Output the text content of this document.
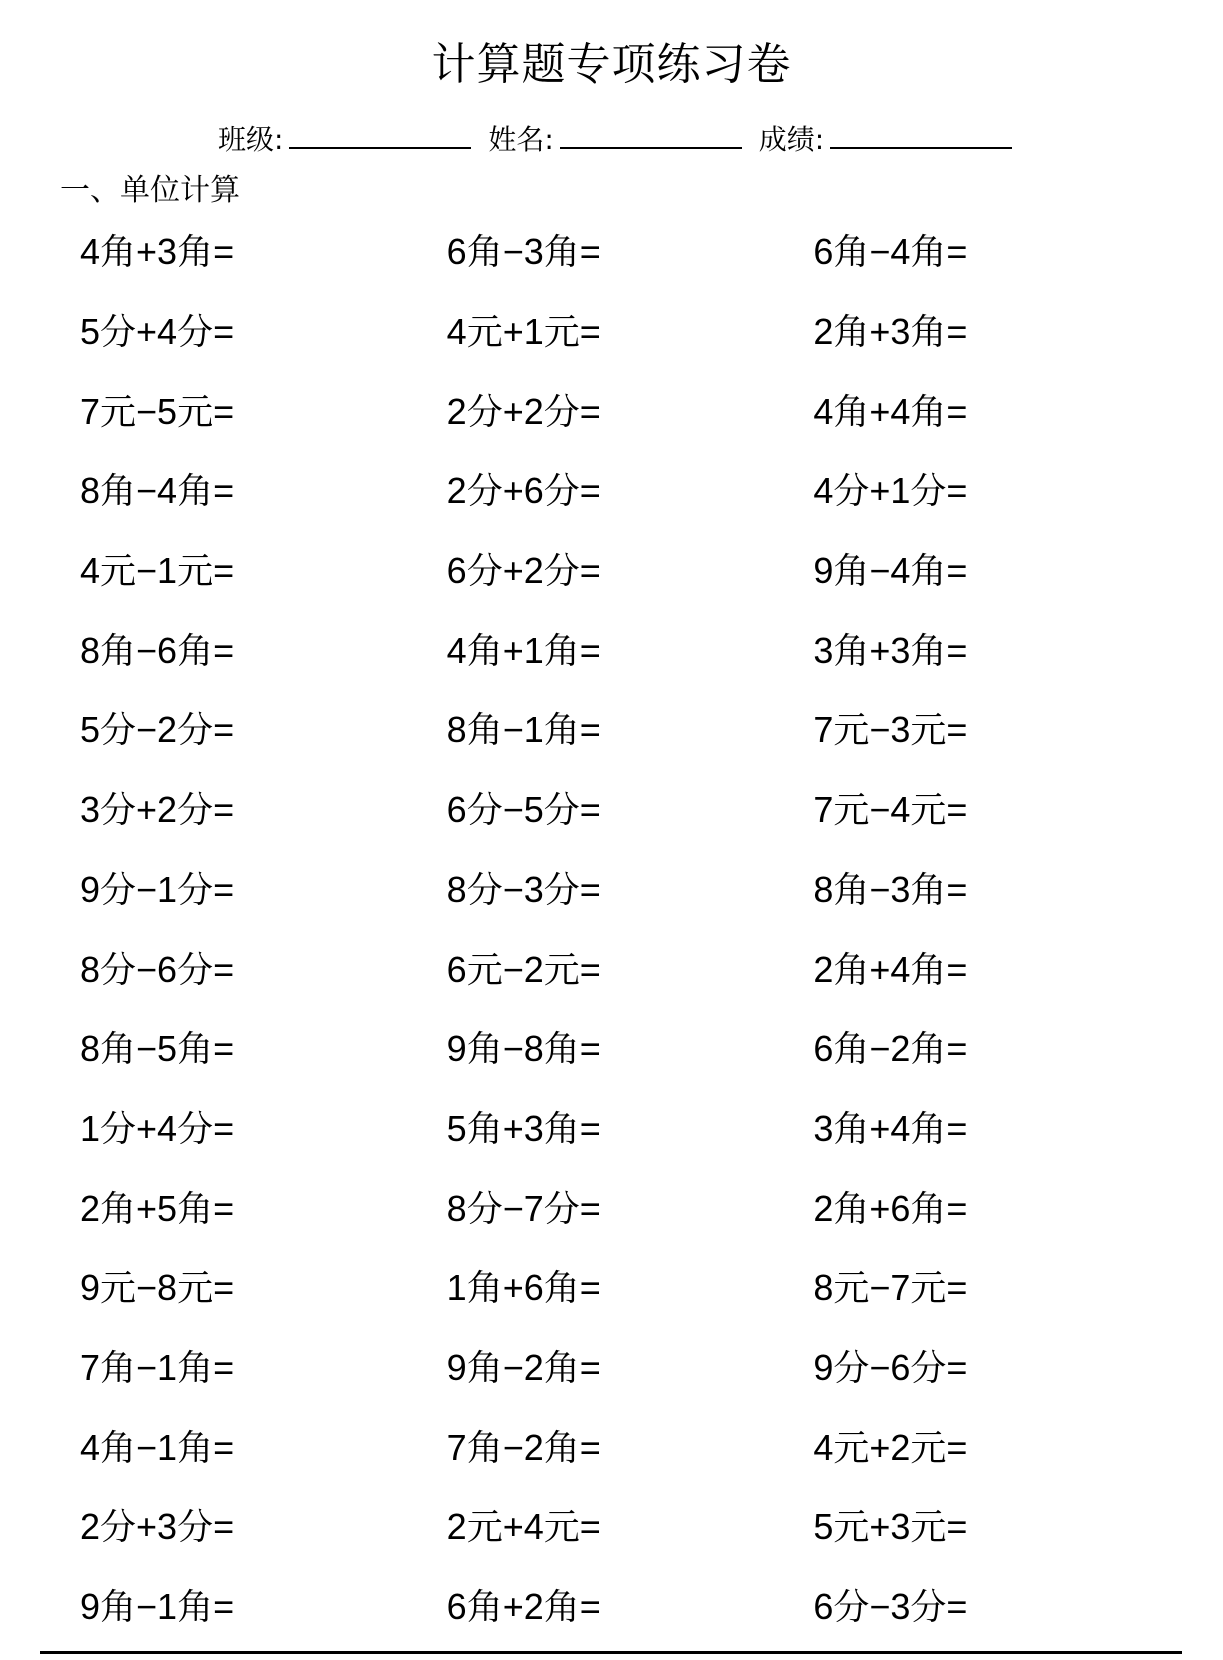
计算题专项练习卷
班级:	姓名:	成绩:
一、单位计算
4角+3角=	6角−3角=	6角−4角=
5分+4分=	4元+1元=	2角+3角=
7元−5元=	2分+2分=	4角+4角=
8角−4角=	2分+6分=	4分+1分=
4元−1元=	6分+2分=	9角−4角=
8角−6角=	4角+1角=	3角+3角=
5分−2分=	8角−1角=	7元−3元=
3分+2分=	6分−5分=	7元−4元=
9分−1分=	8分−3分=	8角−3角=
8分−6分=	6元−2元=	2角+4角=
8角−5角=	9角−8角=	6角−2角=
1分+4分=	5角+3角=	3角+4角=
2角+5角=	8分−7分=	2角+6角=
9元−8元=	1角+6角=	8元−7元=
7角−1角=	9角−2角=	9分−6分=
4角−1角=	7角−2角=	4元+2元=
2分+3分=	2元+4元=	5元+3元=
9角−1角=	6角+2角=	6分−3分=
